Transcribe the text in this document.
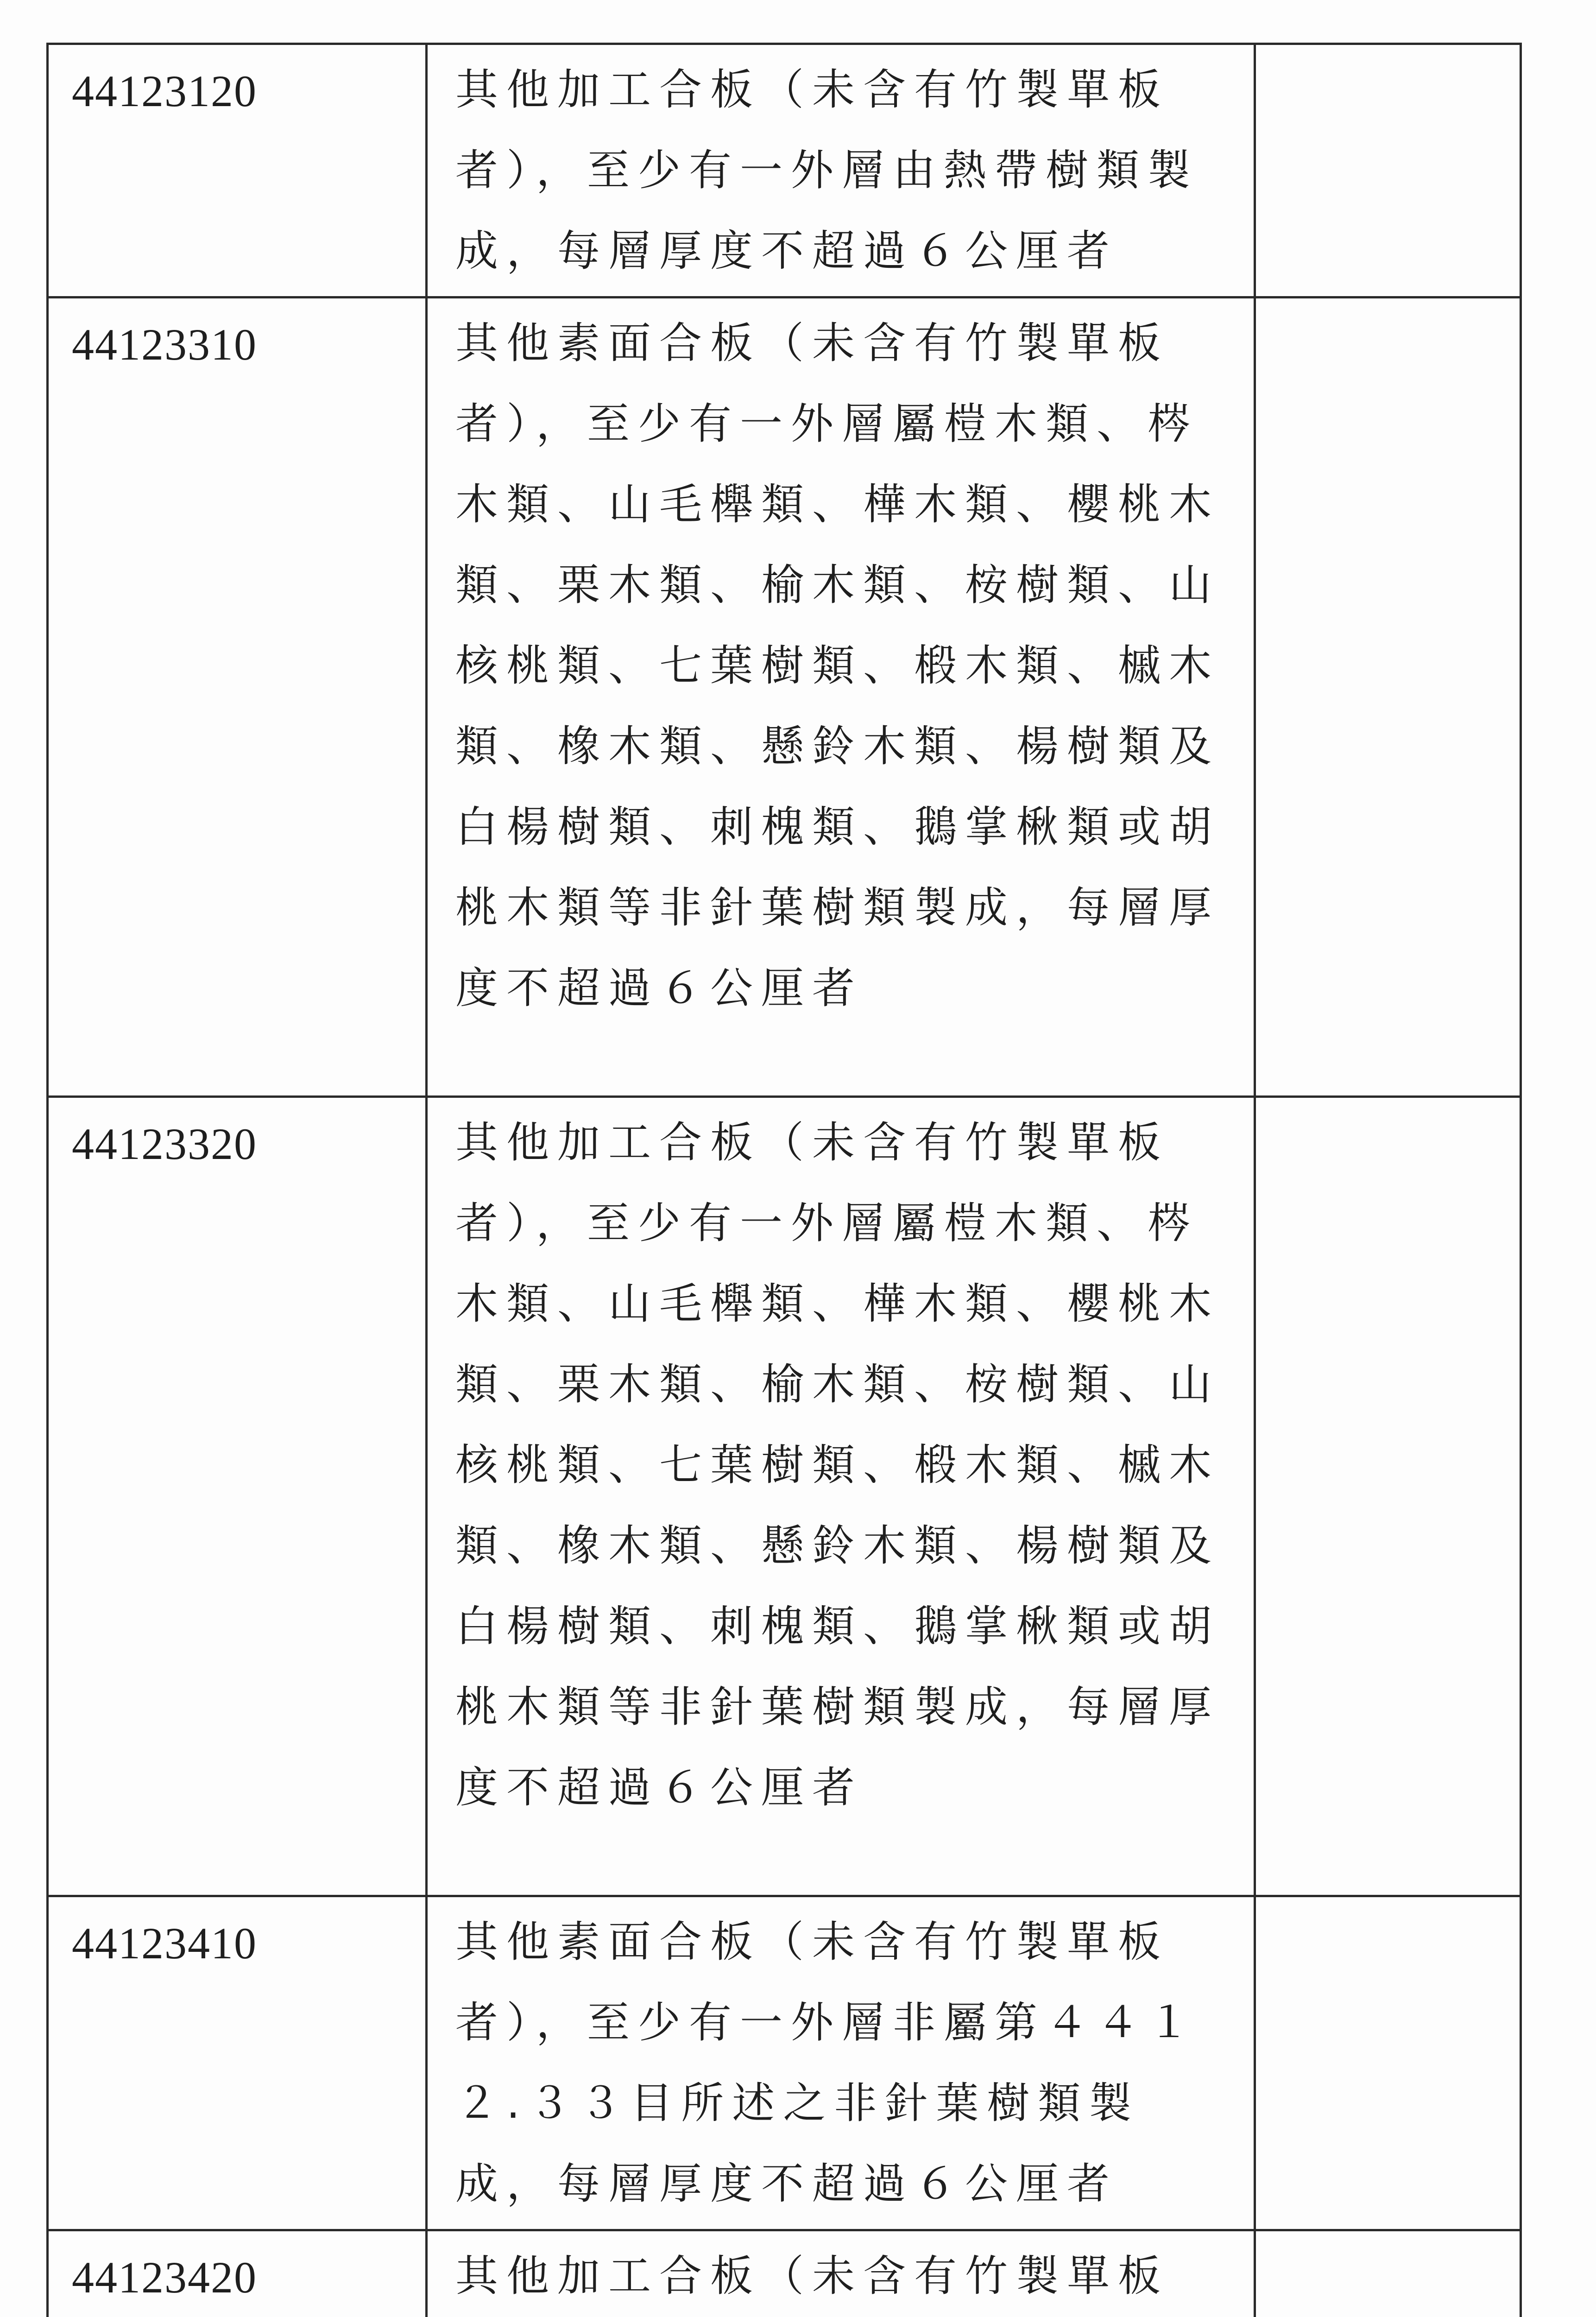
44123120	其他加工合板（未含有竹製單板者），至少有一外層由熱帶樹類製成，每層厚度不超過６公厘者	

44123310	其他素面合板（未含有竹製單板者），至少有一外層屬榿木類、梣木類、山毛櫸類、樺木類、櫻桃木類、栗木類、榆木類、桉樹類、山核桃類、七葉樹類、椴木類、槭木類、橡木類、懸鈴木類、楊樹類及白楊樹類、刺槐類、鵝掌楸類或胡桃木類等非針葉樹類製成，每層厚度不超過６公厘者	

44123320	其他加工合板（未含有竹製單板者），至少有一外層屬榿木類、梣木類、山毛櫸類、樺木類、櫻桃木類、栗木類、榆木類、桉樹類、山核桃類、七葉樹類、椴木類、槭木類、橡木類、懸鈴木類、楊樹類及白楊樹類、刺槐類、鵝掌楸類或胡桃木類等非針葉樹類製成，每層厚度不超過６公厘者	

44123410	其他素面合板（未含有竹製單板者），至少有一外層非屬第４４１２.３３目所述之非針葉樹類製成，每層厚度不超過６公厘者	

44123420	其他加工合板（未含有竹製單板	
